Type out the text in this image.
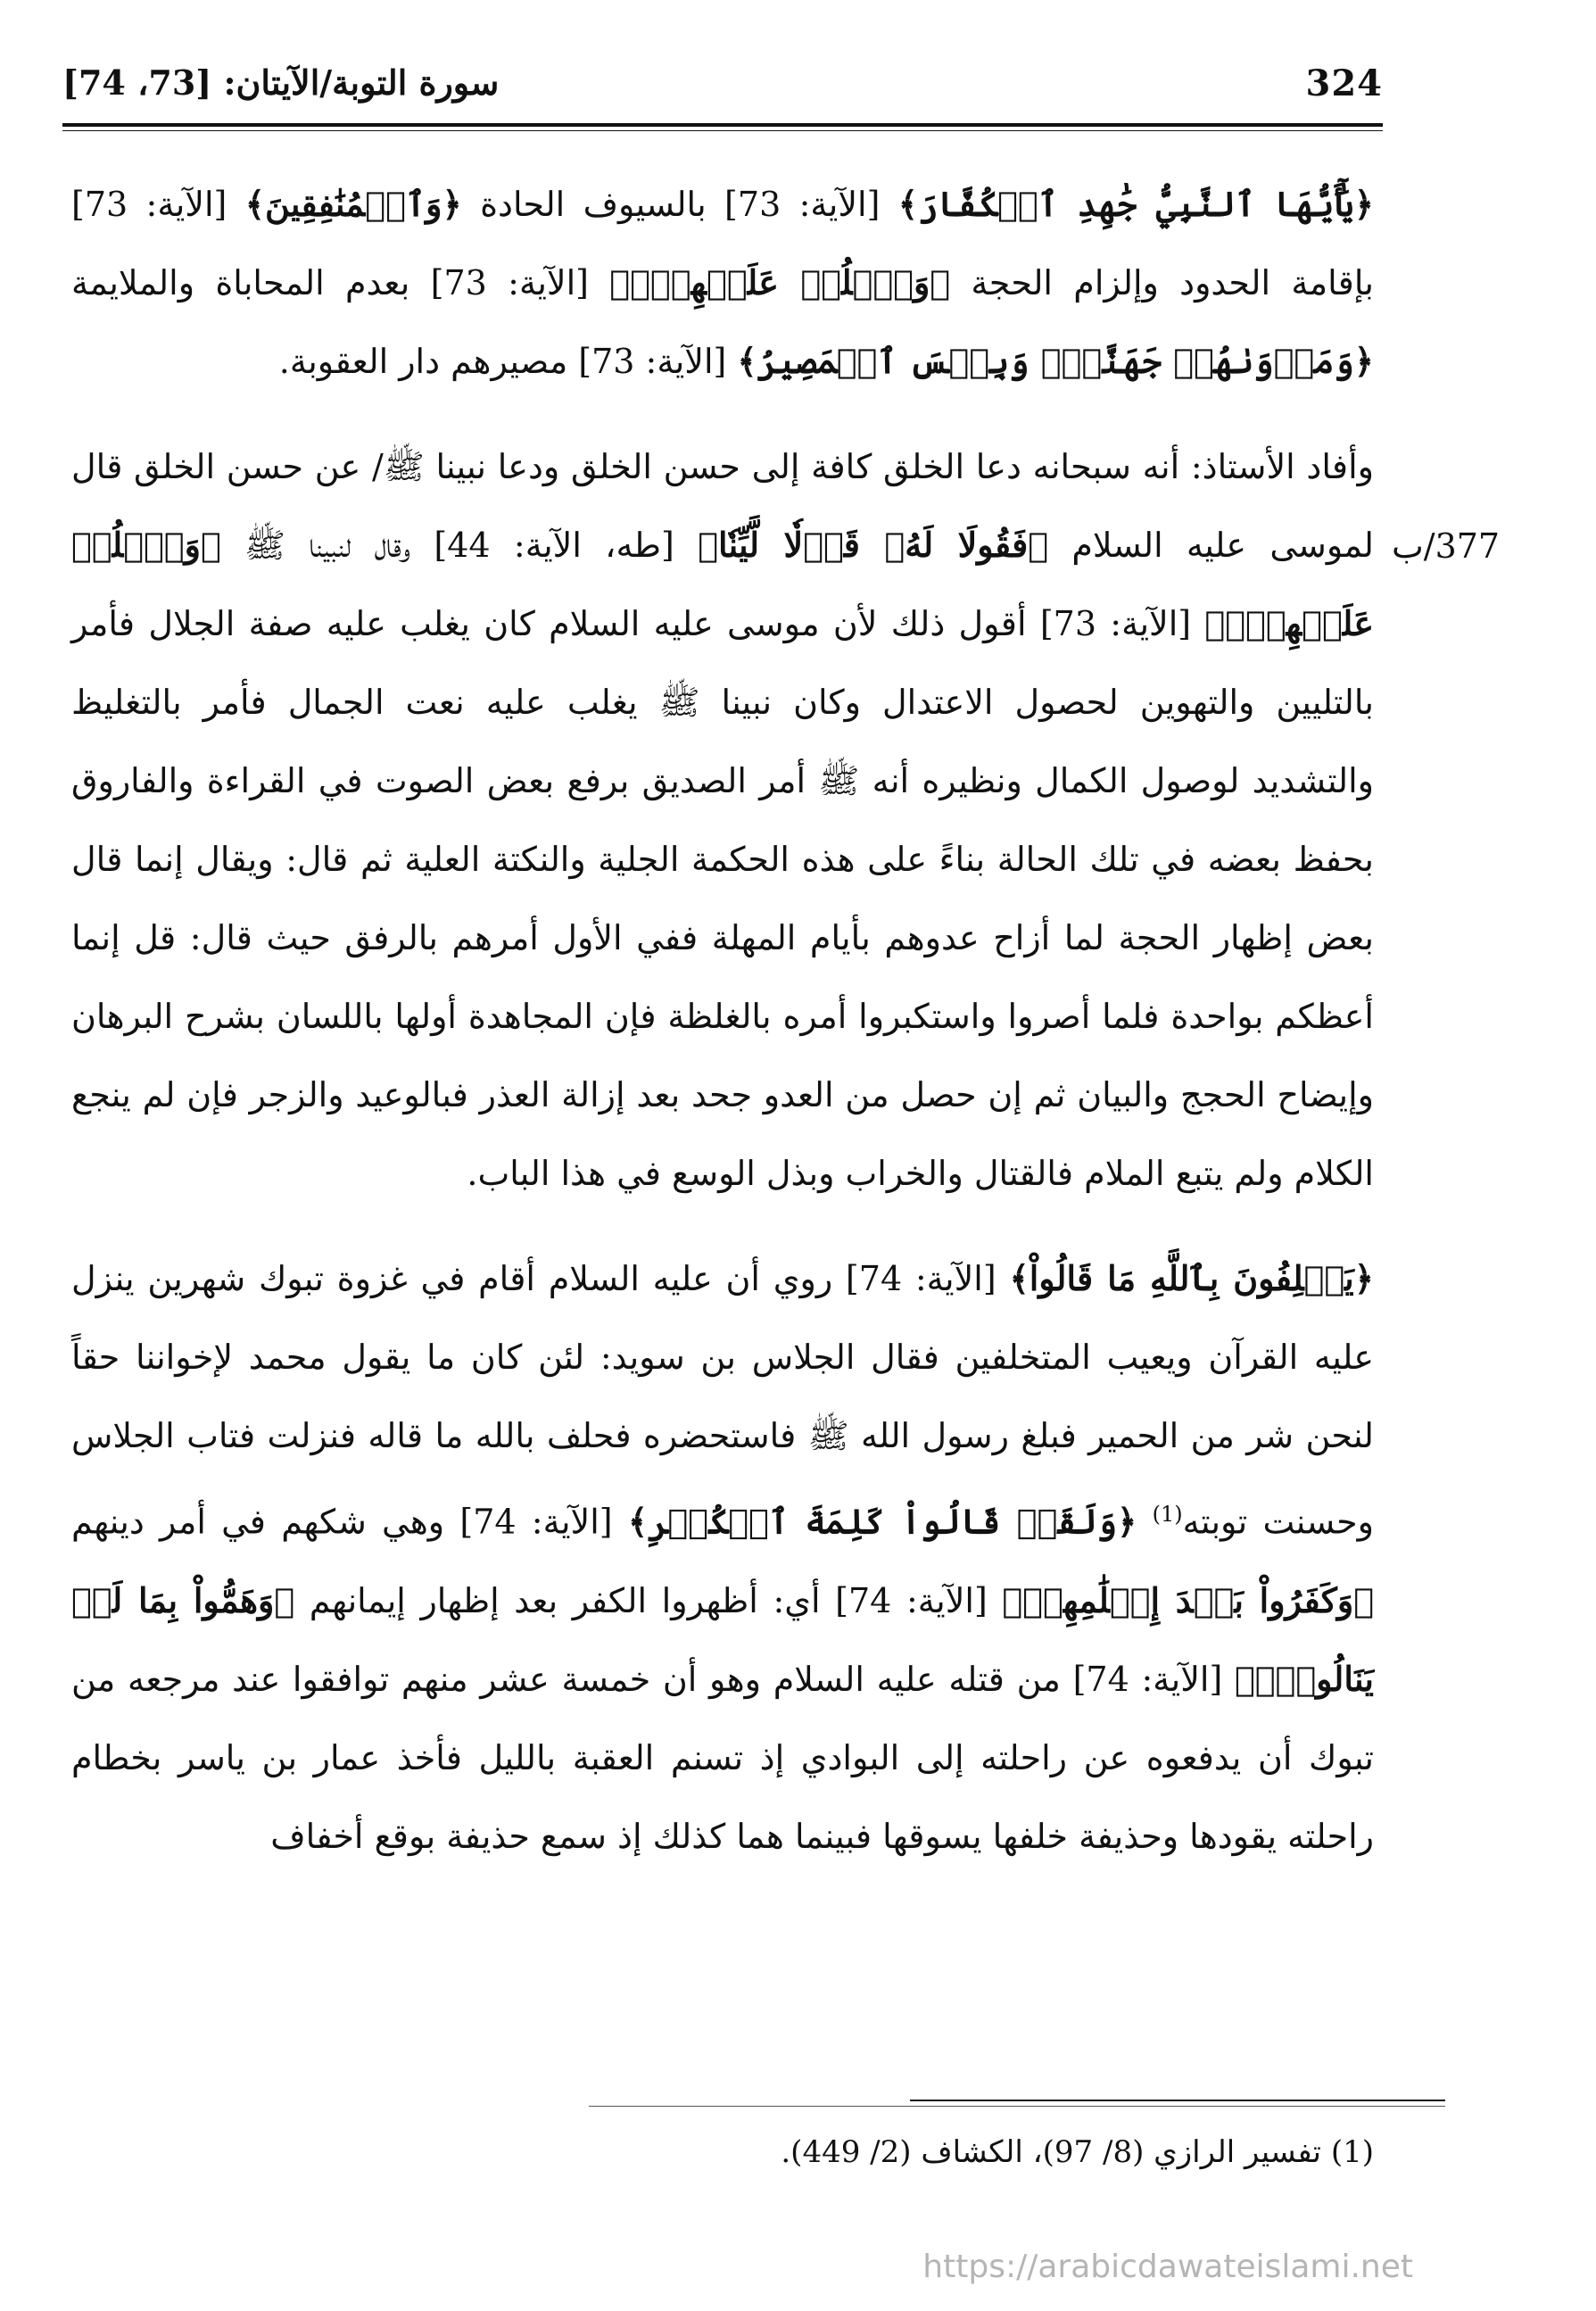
324
سورة التوبة/الآيتان: [73، 74]
377/ب

﴿يَٰٓأَيُّهَا ٱلنَّبِيُّ جَٰهِدِ ٱلۡكُفَّارَ﴾ [الآية: 73] بالسيوف الحادة ﴿وَٱلۡمُنَٰفِقِينَ﴾ [الآية: 73] بإقامة الحدود وإلزام الحجة ﴿وَٱغۡلُظۡ عَلَيۡهِمۡۚ﴾ [الآية: 73] بعدم المحاباة والملايمة ﴿وَمَأۡوَىٰهُمۡ جَهَنَّمُۖ وَبِئۡسَ ٱلۡمَصِيرُ﴾ [الآية: 73] مصيرهم دار العقوبة.

وأفاد الأستاذ: أنه سبحانه دعا الخلق كافة إلى حسن الخلق ودعا نبينا ﷺ/ عن حسن الخلق قال لموسى عليه السلام ﴿فَقُولَا لَهُۥ قَوۡلٗا لَّيِّنٗا﴾ [طه، الآية: 44] وقال لنبينا ﷺ ﴿وَٱغۡلُظۡ عَلَيۡهِمۡۚ﴾ [الآية: 73] أقول ذلك لأن موسى عليه السلام كان يغلب عليه صفة الجلال فأمر بالتليين والتهوين لحصول الاعتدال وكان نبينا ﷺ يغلب عليه نعت الجمال فأمر بالتغليظ والتشديد لوصول الكمال ونظيره أنه ﷺ أمر الصديق برفع بعض الصوت في القراءة والفاروق بحفظ بعضه في تلك الحالة بناءً على هذه الحكمة الجلية والنكتة العلية ثم قال: ويقال إنما قال بعض إظهار الحجة لما أزاح عدوهم بأيام المهلة ففي الأول أمرهم بالرفق حيث قال: قل إنما أعظكم بواحدة فلما أصروا واستكبروا أمره بالغلظة فإن المجاهدة أولها باللسان بشرح البرهان وإيضاح الحجج والبيان ثم إن حصل من العدو جحد بعد إزالة العذر فبالوعيد والزجر فإن لم ينجع الكلام ولم يتبع الملام فالقتال والخراب وبذل الوسع في هذا الباب.

﴿يَحۡلِفُونَ بِٱللَّهِ مَا قَالُواْ﴾ [الآية: 74] روي أن عليه السلام أقام في غزوة تبوك شهرين ينزل عليه القرآن ويعيب المتخلفين فقال الجلاس بن سويد: لئن كان ما يقول محمد لإخواننا حقاً لنحن شر من الحمير فبلغ رسول الله ﷺ فاستحضره فحلف بالله ما قاله فنزلت فتاب الجلاس وحسنت توبته$^{(1)}$ ﴿وَلَقَدۡ قَالُواْ كَلِمَةَ ٱلۡكُفۡرِ﴾ [الآية: 74] وهي شكهم في أمر دينهم ﴿وَكَفَرُواْ بَعۡدَ إِسۡلَٰمِهِمۡ﴾ [الآية: 74] أي: أظهروا الكفر بعد إظهار إيمانهم ﴿وَهَمُّواْ بِمَا لَمۡ يَنَالُواْۚ﴾ [الآية: 74] من قتله عليه السلام وهو أن خمسة عشر منهم توافقوا عند مرجعه من تبوك أن يدفعوه عن راحلته إلى البوادي إذ تسنم العقبة بالليل فأخذ عمار بن ياسر بخطام راحلته يقودها وحذيفة خلفها يسوقها فبينما هما كذلك إذ سمع حذيفة بوقع أخفاف

(1) تفسير الرازي (8/ 97)، الكشاف (2/ 449).
https://arabicdawateislami.net
